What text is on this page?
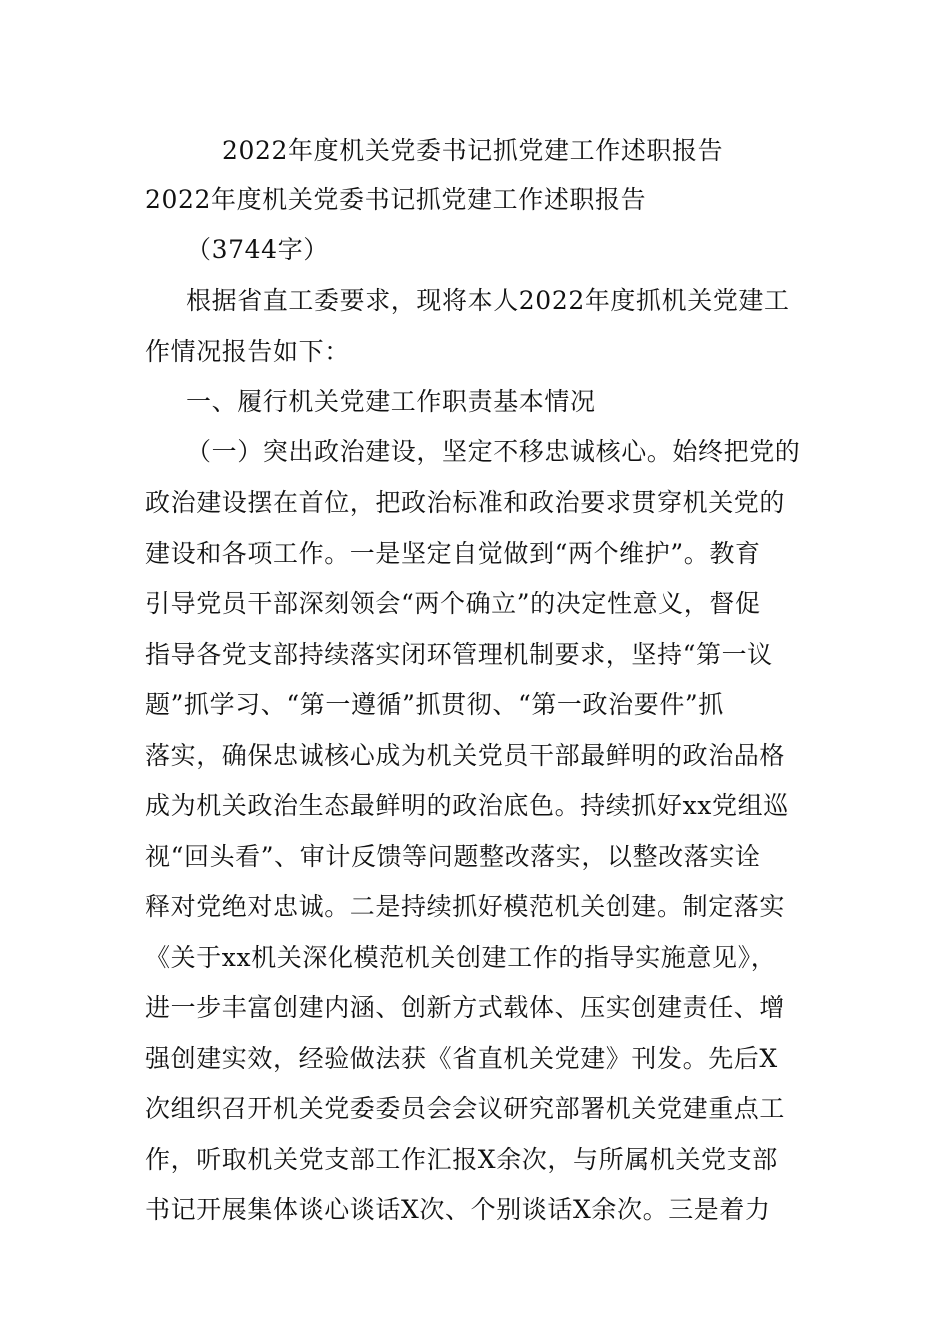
2022年度机关党委书记抓党建工作述职报告
2022年度机关党委书记抓党建工作述职报告
（3744字）
根据省直工委要求，现将本人2022年度抓机关党建工
作情况报告如下：
一、履行机关党建工作职责基本情况
（一）突出政治建设，坚定不移忠诚核心。始终把党的
政治建设摆在首位，把政治标准和政治要求贯穿机关党的
建设和各项工作。一是坚定自觉做到“两个维护”。教育
引导党员干部深刻领会“两个确立”的决定性意义，督促
指导各党支部持续落实闭环管理机制要求，坚持“第一议
题”抓学习、“第一遵循”抓贯彻、“第一政治要件”抓
落实，确保忠诚核心成为机关党员干部最鲜明的政治品格
成为机关政治生态最鲜明的政治底色。持续抓好xx党组巡
视“回头看”、审计反馈等问题整改落实，以整改落实诠
释对党绝对忠诚。二是持续抓好模范机关创建。制定落实
《关于xx机关深化模范机关创建工作的指导实施意见》，
进一步丰富创建内涵、创新方式载体、压实创建责任、增
强创建实效，经验做法获《省直机关党建》刊发。先后X
次组织召开机关党委委员会会议研究部署机关党建重点工
作，听取机关党支部工作汇报X余次，与所属机关党支部
书记开展集体谈心谈话X次、个别谈话X余次。三是着力
